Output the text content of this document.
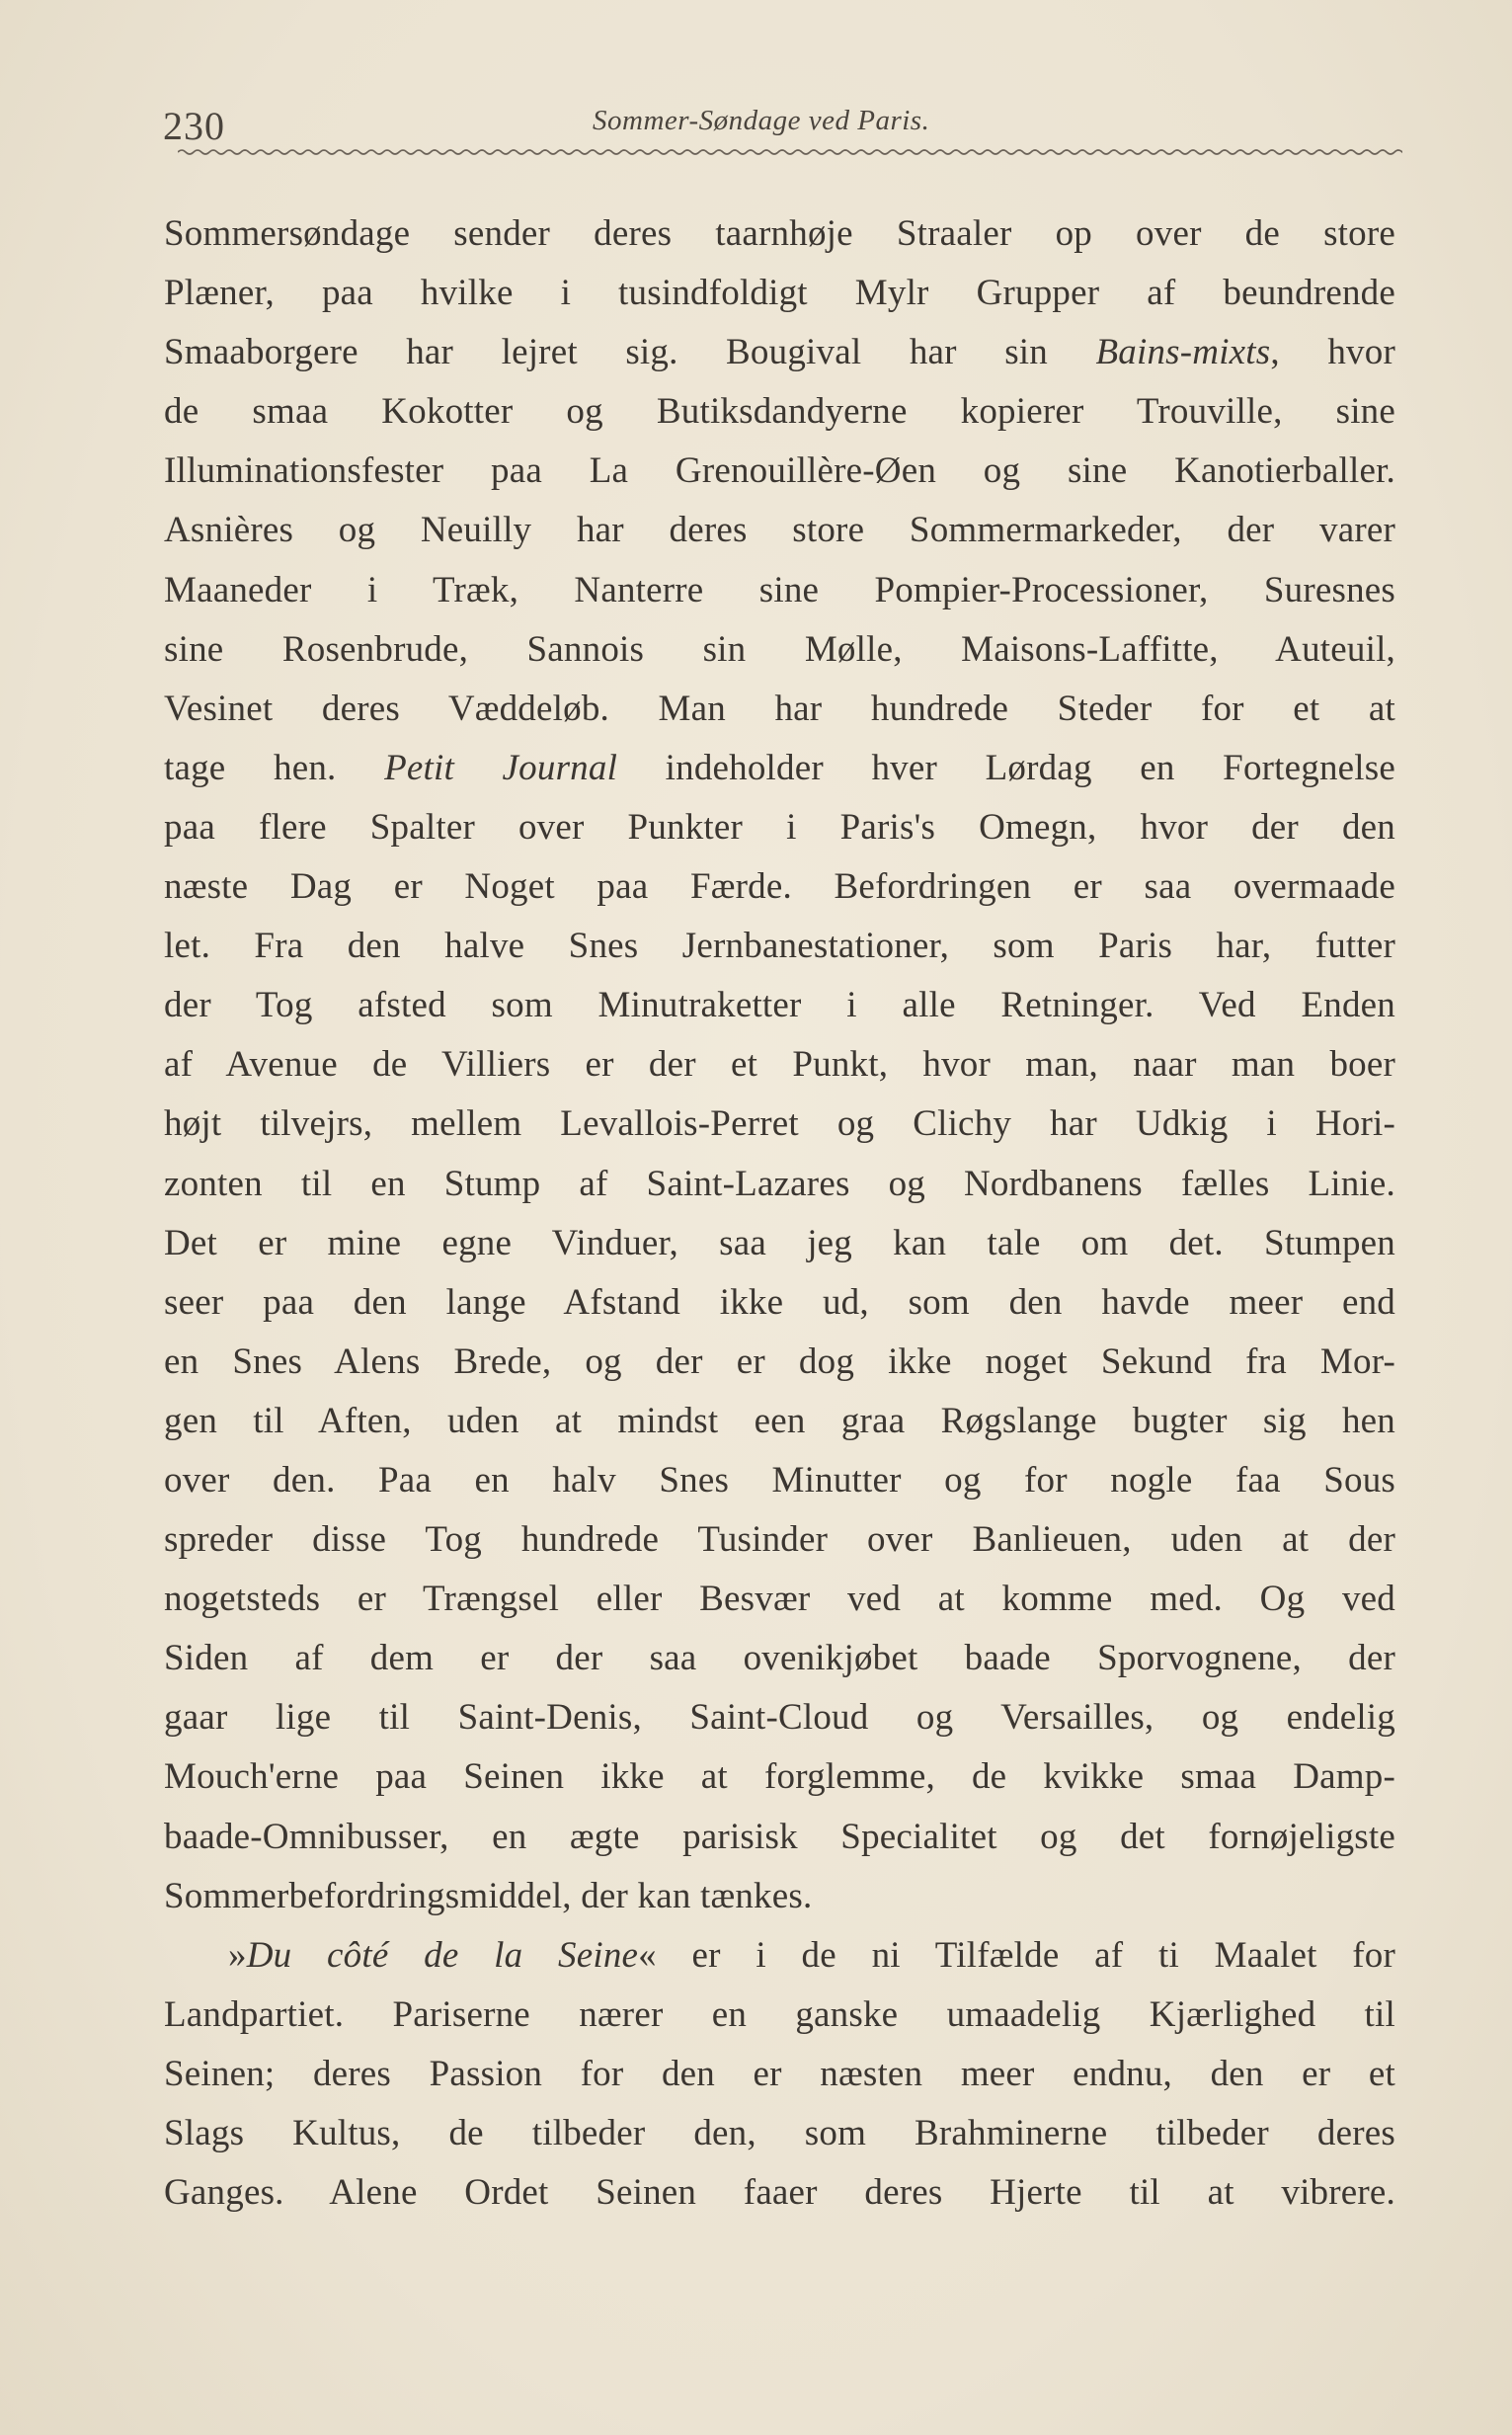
230	Sommer-Søndage ved Paris.
Sommersøndage sender deres taarnhøje Straaler op over de store
Plæner, paa hvilke i tusindfoldigt Mylr Grupper af beundrende
Smaaborgere har lejret sig. Bougival har sin Bains-mixts, hvor
de smaa Kokotter og Butiksdandyerne kopierer Trouville, sine
Illuminationsfester paa La Grenouillère-Øen og sine Kanotierballer.
Asnières og Neuilly har deres store Sommermarkeder, der varer
Maaneder i Træk, Nanterre sine Pompier-Processioner, Suresnes
sine Rosenbrude, Sannois sin Mølle, Maisons-Laffitte, Auteuil,
Vesinet deres Væddeløb. Man har hundrede Steder for et at
tage hen. Petit Journal indeholder hver Lørdag en Fortegnelse
paa flere Spalter over Punkter i Paris's Omegn, hvor der den
næste Dag er Noget paa Færde. Befordringen er saa overmaade
let. Fra den halve Snes Jernbanestationer, som Paris har, futter
der Tog afsted som Minutraketter i alle Retninger. Ved Enden
af Avenue de Villiers er der et Punkt, hvor man, naar man boer
højt tilvejrs, mellem Levallois-Perret og Clichy har Udkig i Hori-
zonten til en Stump af Saint-Lazares og Nordbanens fælles Linie.
Det er mine egne Vinduer, saa jeg kan tale om det. Stumpen
seer paa den lange Afstand ikke ud, som den havde meer end
en Snes Alens Brede, og der er dog ikke noget Sekund fra Mor-
gen til Aften, uden at mindst een graa Røgslange bugter sig hen
over den. Paa en halv Snes Minutter og for nogle faa Sous
spreder disse Tog hundrede Tusinder over Banlieuen, uden at der
nogetsteds er Trængsel eller Besvær ved at komme med. Og ved
Siden af dem er der saa ovenikjøbet baade Sporvognene, der
gaar lige til Saint-Denis, Saint-Cloud og Versailles, og endelig
Mouch'erne paa Seinen ikke at forglemme, de kvikke smaa Damp-
baade-Omnibusser, en ægte parisisk Specialitet og det fornøjeligste
Sommerbefordringsmiddel, der kan tænkes.
»Du côté de la Seine« er i de ni Tilfælde af ti Maalet for
Landpartiet. Pariserne nærer en ganske umaadelig Kjærlighed til
Seinen; deres Passion for den er næsten meer endnu, den er et
Slags Kultus, de tilbeder den, som Brahminerne tilbeder deres
Ganges. Alene Ordet Seinen faaer deres Hjerte til at vibrere.
